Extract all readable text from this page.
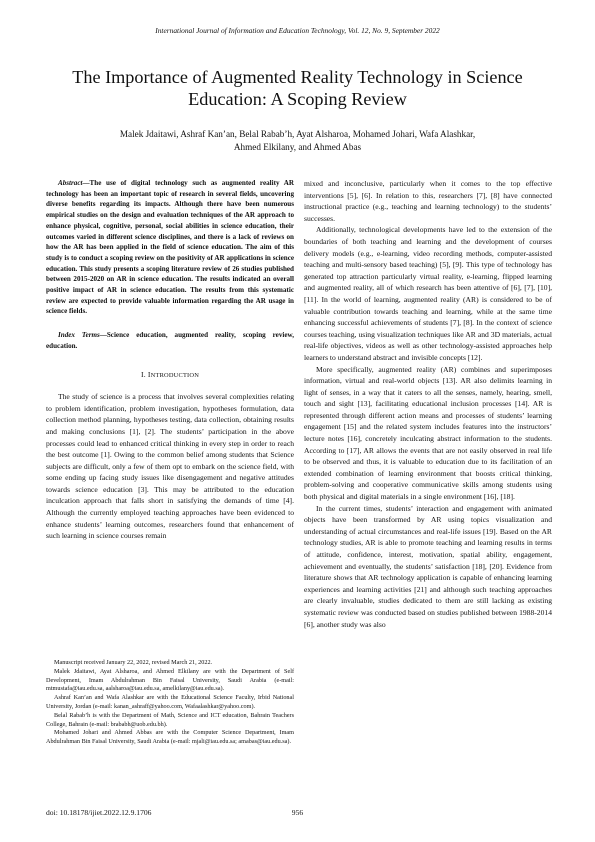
International Journal of Information and Education Technology, Vol. 12, No. 9, September 2022
The Importance of Augmented Reality Technology in Science Education: A Scoping Review
Malek Jdaitawi, Ashraf Kan’an, Belal Rabab’h, Ayat Alsharoa, Mohamed Johari, Wafa Alashkar,
Ahmed Elkilany, and Ahmed Abas

Abstract—The use of digital technology such as augmented reality AR technology has been an important topic of research in several fields, uncovering diverse benefits regarding its impacts. Although there have been numerous empirical studies on the design and evaluation techniques of the AR approach to enhance physical, cognitive, personal, social abilities in science education, their outcomes varied in different science disciplines, and there is a lack of reviews on how the AR has been applied in the field of science education. The aim of this study is to conduct a scoping review on the positivity of AR applications in science education. This study presents a scoping literature review of 26 studies published between 2015-2020 on AR in science education. The results indicated an overall positive impact of AR in science education. The results from this systematic review are expected to provide valuable information regarding the AR usage in science fields.

Index Terms—Science education, augmented reality, scoping review, education.

I. INTRODUCTION

The study of science is a process that involves several complexities relating to problem identification, problem investigation, hypotheses formulation, data collection method planning, hypotheses testing, data collection, obtaining results and making conclusions [1], [2]. The students’ participation in the above processes could lead to enhanced critical thinking in every step in order to reach the best outcome [1]. Owing to the common belief among students that Science subjects are difficult, only a few of them opt to embark on the science field, with some ending up facing study issues like disengagement and negative attitudes towards science education [3]. This may be attributed to the education inculcation approach that falls short in satisfying the demands of time [4]. Although the currently employed teaching approaches have been evidenced to enhance students’ learning outcomes, researchers found that enhancement of such learning in science courses remain

mixed and inconclusive, particularly when it comes to the top effective interventions [5], [6]. In relation to this, researchers [7], [8] have connected instructional practice (e.g., teaching and learning technology) to the students’ successes.

Additionally, technological developments have led to the extension of the boundaries of both teaching and learning and the development of courses delivery models (e.g., e-learning, video recording methods, computer-assisted teaching and multi-sensory based teaching) [5], [9]. This type of technology has generated top attraction particularly virtual reality, e-learning, flipped learning and augmented reality, all of which research has been attentive of [6], [7], [10], [11]. In the world of learning, augmented reality (AR) is considered to be of valuable contribution towards teaching and learning, while at the same time enhancing successful achievements of students [7], [8]. In the context of science courses teaching, using visualization techniques like AR and 3D materials, actual real-life objectives, videos as well as other technology-assisted approaches help learners to understand abstract and invisible concepts [12].

More specifically, augmented reality (AR) combines and superimposes information, virtual and real-world objects [13]. AR also delimits learning in light of senses, in a way that it caters to all the senses, namely, hearing, smell, touch and sight [13], facilitating educational inclusion processes [14]. AR is represented through different action means and processes of students’ learning engagement [15] and the related system includes features into the instructors’ lecture notes [16], concretely inculcating abstract information to the students. According to [17], AR allows the events that are not easily observed in real life to be observed and thus, it is valuable to education due to its facilitation of an extended combination of learning environment that boosts critical thinking, problem-solving and cooperative communicative skills among students using both physical and digital materials in a single environment [16], [18].

In the current times, students’ interaction and engagement with animated objects have been transformed by AR using topics visualization and understanding of actual circumstances and real-life issues [19]. Based on the AR technology studies, AR is able to promote teaching and learning results in terms of attitude, confidence, interest, motivation, spatial ability, engagement, achievement and eventually, the students’ satisfaction [18], [20]. Evidence from literature shows that AR technology application is capable of enhancing learning experiences and learning activities [21] and although such teaching approaches are clearly invaluable, studies dedicated to them are still lacking as existing systematic review was conducted based on studies published between 1988-2014 [6], another study was also

Manuscript received January 22, 2022, revised March 21, 2022.

Malek Jdaitawi, Ayat Alsharoa, and Ahmed Elkilany are with the Department of Self Development, Imam Abdulrahman Bin Faisal University, Saudi Arabia (e-mail: mtmustafa@iau.edu.sa, aalsharoa@iau.edu.sa, amelkilany@iau.edu.sa).

Ashraf Kan’an and Wafa Alashkar are with the Educational Science Faculty, Irbid National University, Jordan (e-mail: kanan_ashraff@yahoo.com, Wafaalashkar@yahoo.com).

Belal Rabab’h is with the Department of Math, Science and ICT education, Bahrain Teachers College, Bahrain (e-mail: brababh@uob.edu.bh).

Mohamed Johari and Ahmed Abbas are with the Computer Science Department, Imam Abdulrahman Bin Faisal University, Saudi Arabia (e-mail: mjali@iau.edu.sa; amabas@iau.edu.sa).

doi: 10.18178/ijiet.2022.12.9.1706	956
